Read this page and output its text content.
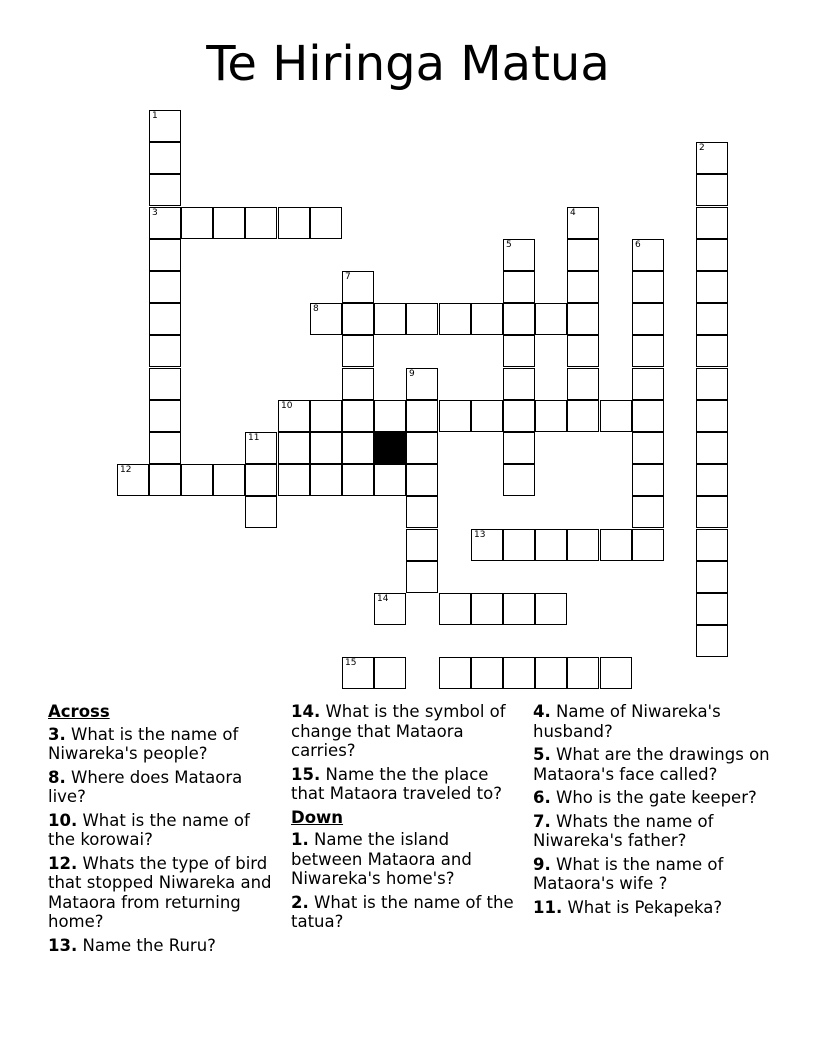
Te Hiringa Matua
1
3
12
2
4
5	6
7
8
9
10
11
13
14
15
Across
3. What is the name of Niwareka's people?
8. Where does Mataora live?
10. What is the name of the korowai?
12. Whats the type of bird that stopped Niwareka and Mataora from returning home?
13. Name the Ruru?
14. What is the symbol of change that Mataora carries?
15. Name the the place that Mataora traveled to?
Down
1. Name the island between Mataora and Niwareka's home's?
2. What is the name of the tatua?
4. Name of Niwareka's husband?
5. What are the drawings on Mataora's face called?
6. Who is the gate keeper?
7. Whats the name of Niwareka's father?
9. What is the name of Mataora's wife ?
11. What is Pekapeka?
